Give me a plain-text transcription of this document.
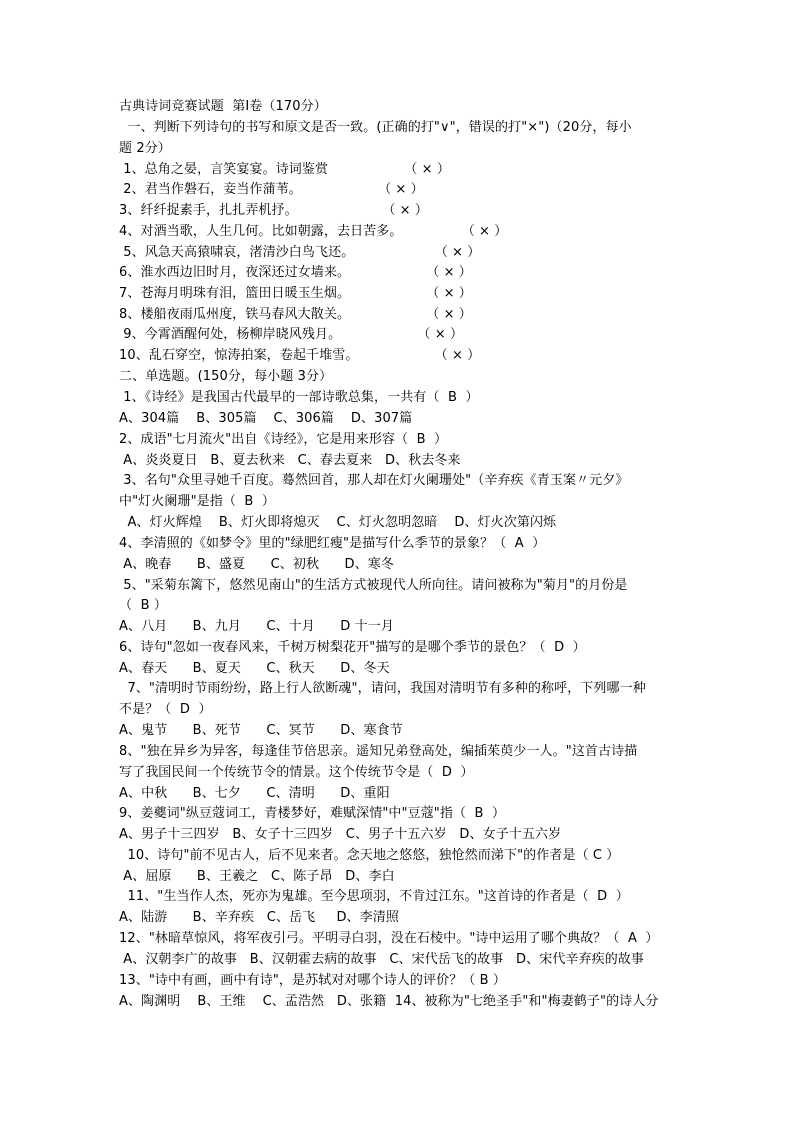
古典诗词竞赛试题  第Ⅰ卷（170分）
一、判断下列诗句的书写和原文是否一致。(正确的打"∨"，错误的打"×")（20分，每小
题 2分）
1、总角之晏，言笑宴宴。诗词鉴赏                  （ × ）
2、君当作磐石，妾当作蒲苇。                  （ × ）
3、纤纤捉素手，扎扎弄机抒。                    （ × ）
4、对酒当歌，人生几何。比如朝露，去日苦多。              （ × ）
5、风急天高猿啸哀，渚清沙白鸟飞还。                   （ × ）
6、淮水西边旧时月，夜深还过女墙来。                  （ × ）
7、苍海月明珠有泪，篮田日暖玉生烟。                  （ × ）
8、楼船夜雨瓜州度，铁马春风大散关。                  （ × ）
9、今霄酒醒何处，杨柳岸晓风残月。                  （ × ）
10、乱石穿空，惊涛拍案，卷起千堆雪。                  （ × ）
二、单选题。(150分，每小题 3分）
1、《诗经》是我国古代最早的一部诗歌总集，一共有（  B  ）
A、304篇    B、305篇    C、306篇    D、307篇
2、成语"七月流火"出自《诗经》，它是用来形容（  B  ）
A、炎炎夏日   B、夏去秋来   C、春去夏来   D、秋去冬来
3、名句"众里寻她千百度。蓦然回首，那人却在灯火阑珊处"（辛弃疾《青玉案〃元夕》
中"灯火阑珊"是指（  B  ）
A、灯火辉煌    B、灯火即将熄灭    C、灯火忽明忽暗    D、灯火次第闪烁
4、李清照的《如梦令》里的"绿肥红瘦"是描写什么季节的景象？（  A  ）
A、晚春      B、盛夏      C、初秋      D、寒冬
5、"采菊东篱下，悠然见南山"的生活方式被现代人所向往。请问被称为"菊月"的月份是
（  B ）
A、八月      B、九月      C、十月      D 十一月
6、诗句"忽如一夜春风来，千树万树梨花开"描写的是哪个季节的景色？（  D  ）
A、春天      B、夏天      C、秋天      D、冬天
7、"清明时节雨纷纷，路上行人欲断魂"，请问，我国对清明节有多种的称呼，下列哪一种
不是？（  D  ）
A、鬼节      B、死节      C、冥节      D、寒食节
8、"独在异乡为异客，每逢佳节倍思亲。遥知兄弟登高处，编插茱萸少一人。"这首古诗描
写了我国民间一个传统节令的情景。这个传统节令是（  D  ）
A、中秋      B、七夕      C、清明      D、重阳
9、姜夔词"纵豆蔻词工，青楼梦好，难赋深情"中"豆蔻"指（  B  ）
A、男子十三四岁   B、女子十三四岁   C、男子十五六岁   D、女子十五六岁
10、诗句"前不见古人，后不见来者。念天地之悠悠，独怆然而涕下"的作者是（ C ）
A、屈原      B、王羲之   C、陈子昂   D、李白
11、"生当作人杰，死亦为鬼雄。至今思项羽，不肯过江东。"这首诗的作者是（  D  ）
A、陆游      B、辛弃疾   C、岳飞     D、李清照
12、"林暗草惊风，将军夜引弓。平明寻白羽，没在石棱中。"诗中运用了哪个典故？（  A  ）
A、汉朝李广的故事   B、汉朝霍去病的故事   C、宋代岳飞的故事   D、宋代辛弃疾的故事
13、"诗中有画，画中有诗"，是苏轼对对哪个诗人的评价？（ B ）
A、陶渊明    B、王维    C、孟浩然   D、张籍  14、被称为"七绝圣手"和"梅妻鹤子"的诗人分
